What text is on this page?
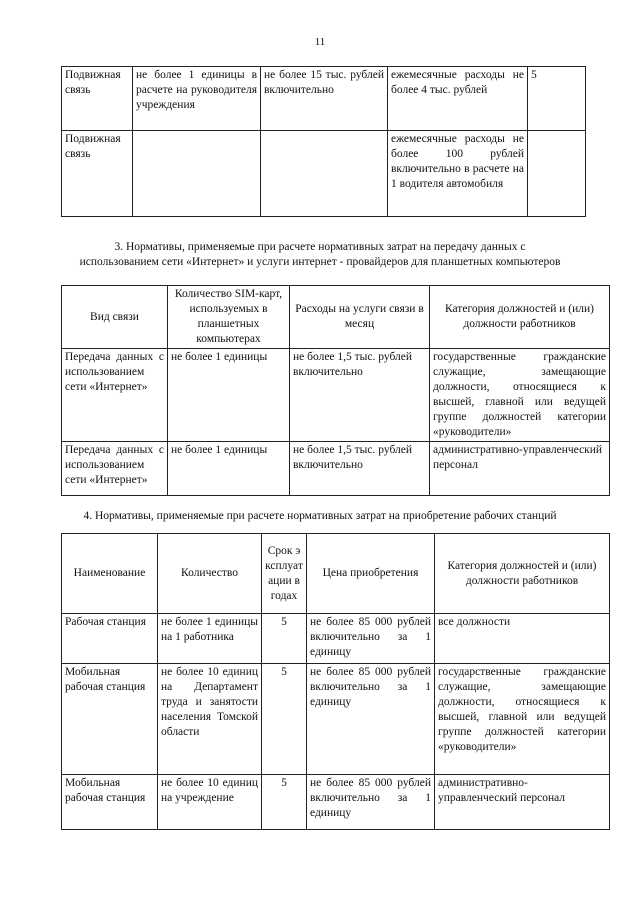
11
Подвижная связь	не более 1 единицы в расчете на руководителя учреждения	не более 15 тыс. рублей включительно	ежемесячные расходы не более 4 тыс. рублей	5
Подвижная связь			ежемесячные расходы не более 100 рублей включительно в расчете на 1 водителя автомобиля	
3. Нормативы, применяемые при расчете нормативных затрат на передачу данных с
использованием сети «Интернет» и услуги интернет - провайдеров для планшетных компьютеров
Вид связи	Количество SIM-карт, используемых в планшетных компьютерах	Расходы на услуги связи в месяц	Категория должностей и (или) должности работников
Передача данных с использованием сети «Интернет»	не более 1 единицы	не более 1,5 тыс. рублей включительно	государственные гражданские служащие, замещающие должности, относящиеся к высшей, главной или ведущей группе должностей категории «руководители»
Передача данных с использованием сети «Интернет»	не более 1 единицы	не более 1,5 тыс. рублей включительно	административно-управленческий персонал
4. Нормативы, применяемые при расчете нормативных затрат на приобретение рабочих станций
Наименование	Количество	Срок эксплуатации в годах	Цена приобретения	Категория должностей и (или) должности работников
Рабочая станция	не более 1 единицы на 1 работника	5	не более 85 000 рублей включительно за 1 единицу	все должности
Мобильная рабочая станция	не более 10 единиц на Департамент труда и занятости населения Томской области	5	не более 85 000 рублей включительно за 1 единицу	государственные гражданские служащие, замещающие должности, относящиеся к высшей, главной или ведущей группе должностей категории «руководители»
Мобильная рабочая станция	не более 10 единиц на учреждение	5	не более 85 000 рублей включительно за 1 единицу	административно-управленческий персонал
